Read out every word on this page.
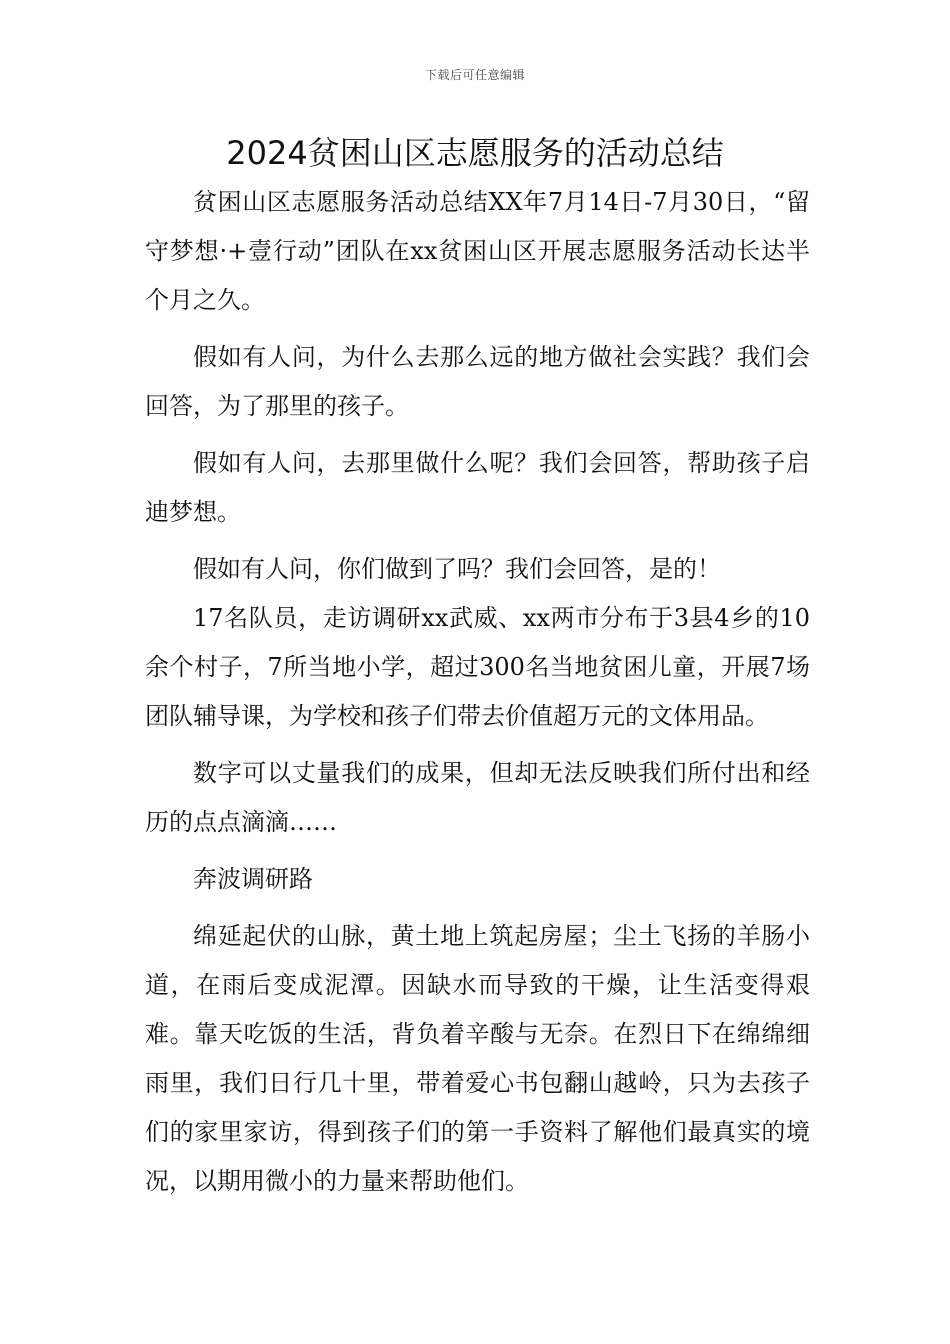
下载后可任意编辑
2024贫困山区志愿服务的活动总结

贫困山区志愿服务活动总结XX年7月14日-7月30日，“留守梦想·+壹行动”团队在xx贫困山区开展志愿服务活动长达半个月之久。

假如有人问，为什么去那么远的地方做社会实践？我们会回答，为了那里的孩子。

假如有人问，去那里做什么呢？我们会回答，帮助孩子启迪梦想。

假如有人问，你们做到了吗？我们会回答，是的！

17名队员，走访调研xx武威、xx两市分布于3县4乡的10余个村子，7所当地小学，超过300名当地贫困儿童，开展7场团队辅导课，为学校和孩子们带去价值超万元的文体用品。

数字可以丈量我们的成果，但却无法反映我们所付出和经历的点点滴滴……

奔波调研路

绵延起伏的山脉，黄土地上筑起房屋；尘土飞扬的羊肠小道，在雨后变成泥潭。因缺水而导致的干燥，让生活变得艰难。靠天吃饭的生活，背负着辛酸与无奈。在烈日下在绵绵细雨里，我们日行几十里，带着爱心书包翻山越岭，只为去孩子们的家里家访，得到孩子们的第一手资料了解他们最真实的境况，以期用微小的力量来帮助他们。
